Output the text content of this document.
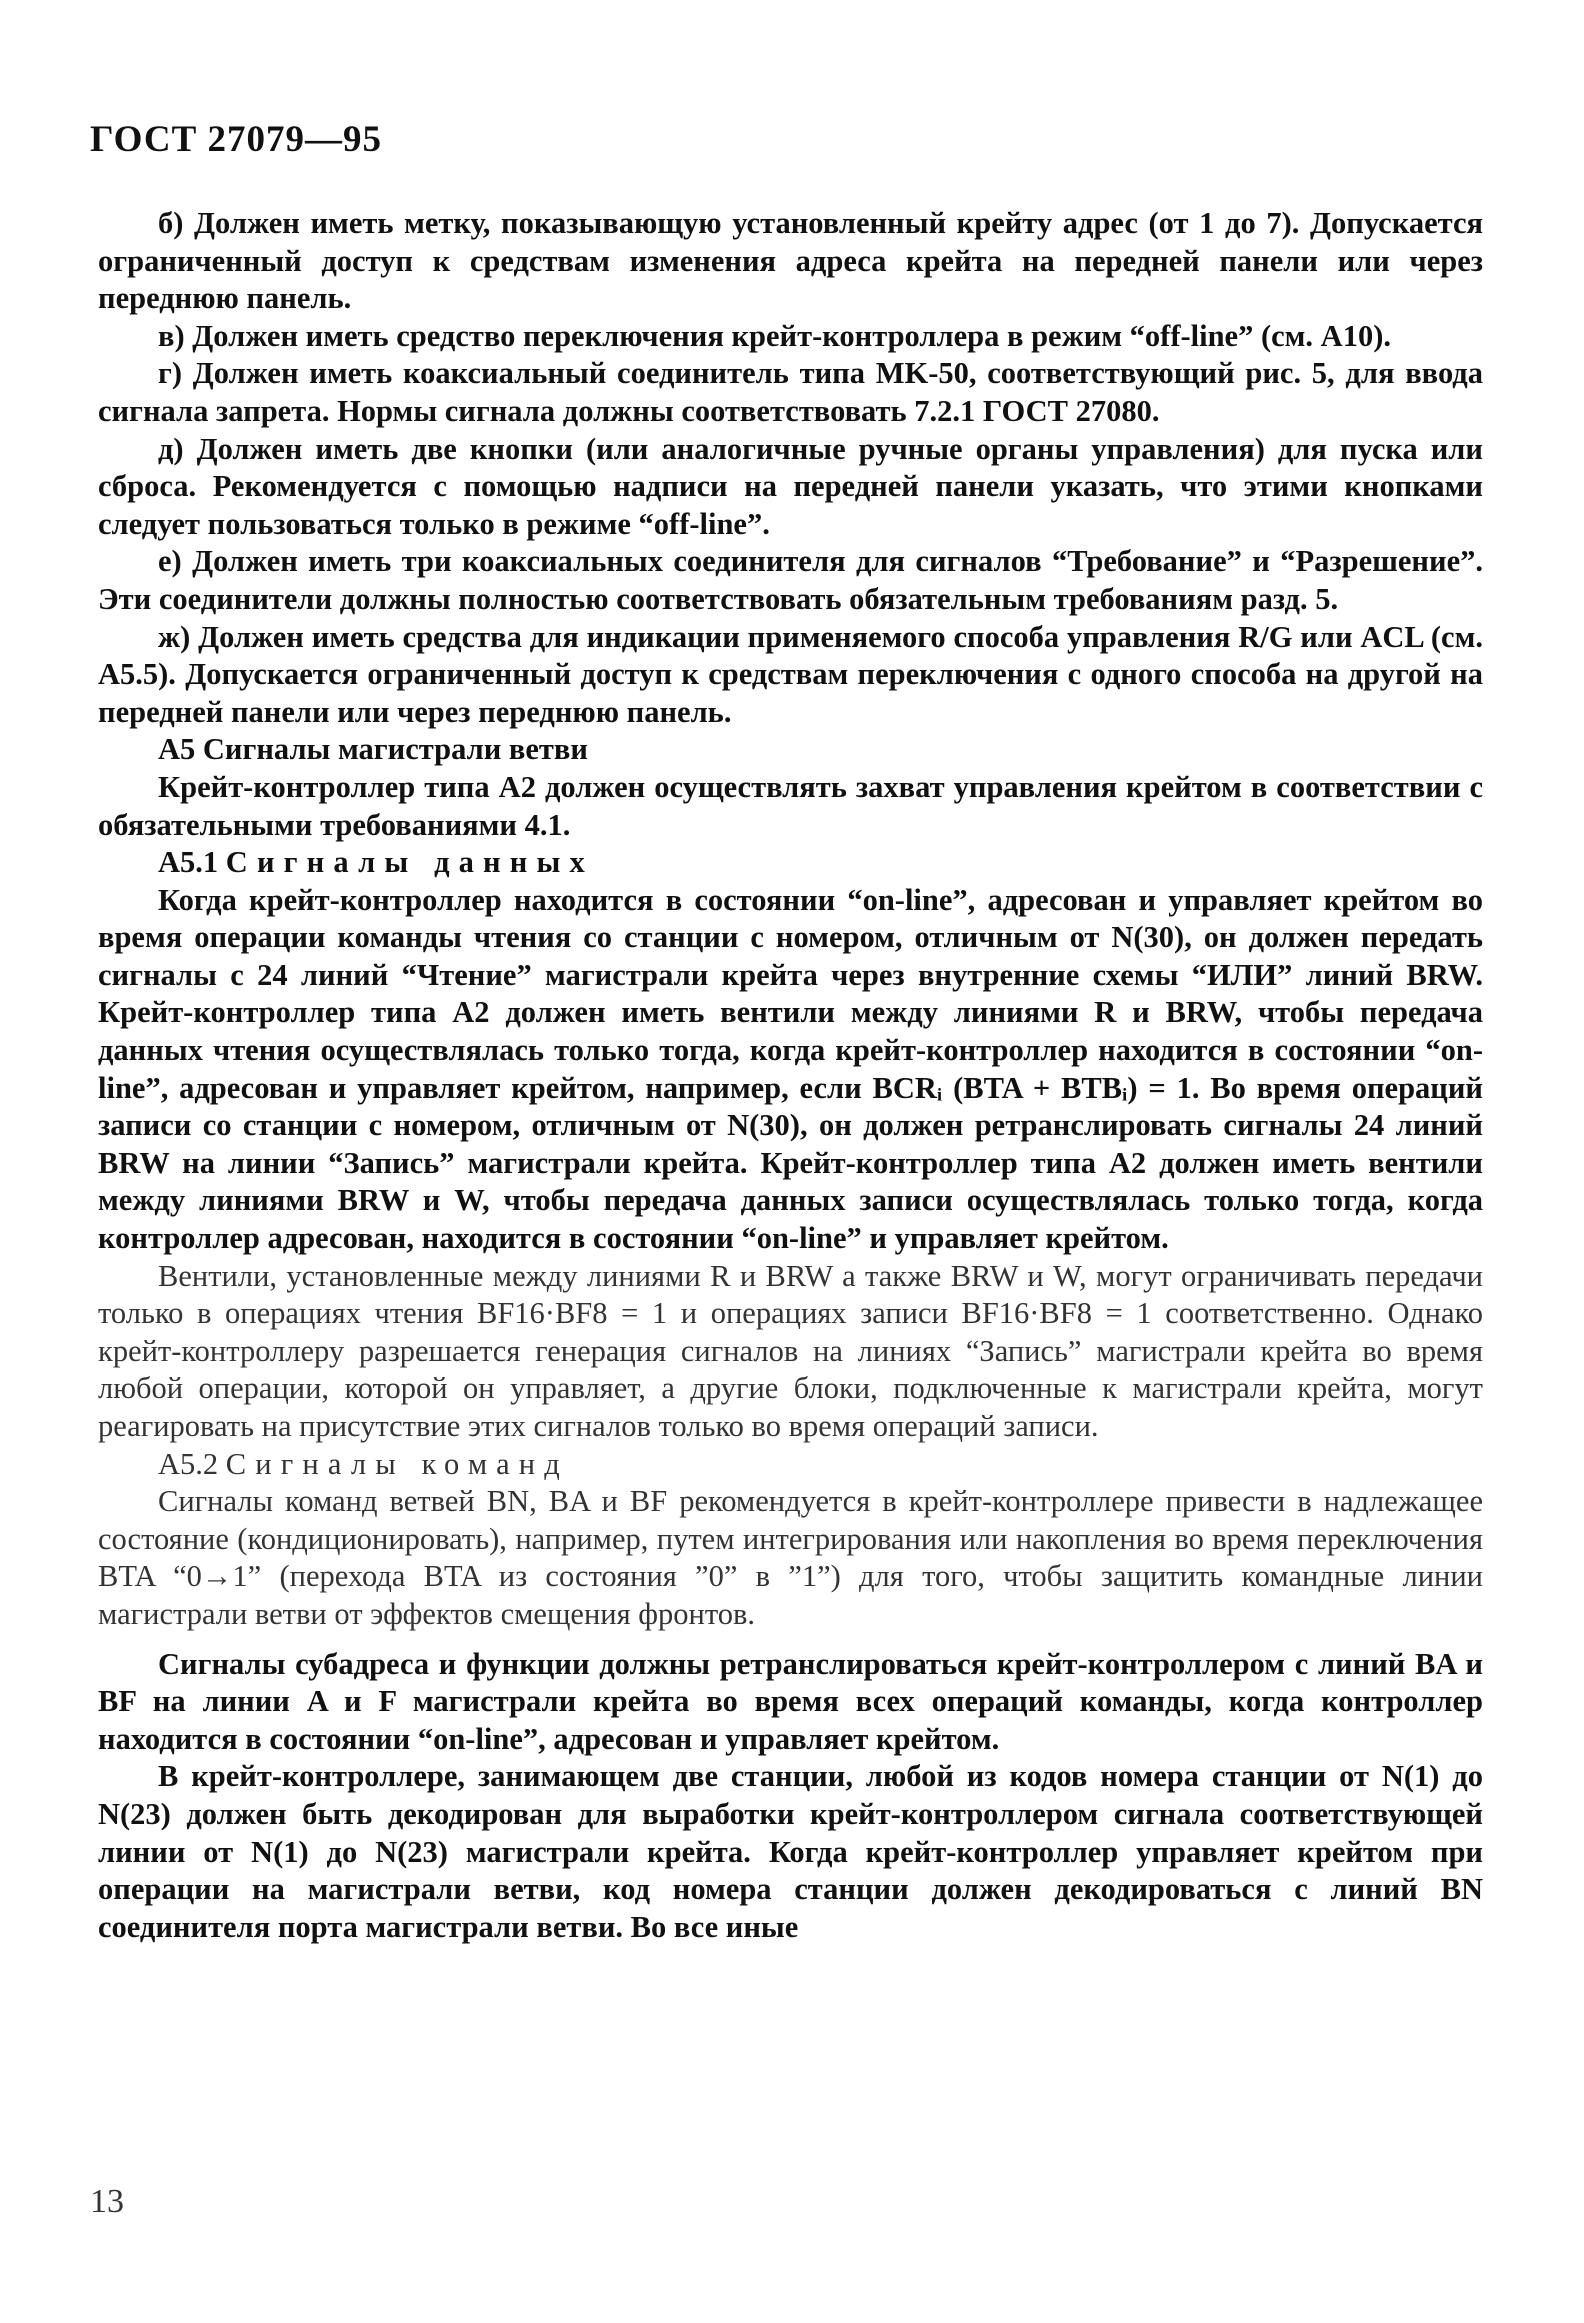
ГОСТ 27079—95

б) Должен иметь метку, показывающую установленный крейту адрес (от 1 до 7). Допускается ограниченный доступ к средствам изменения адреса крейта на передней панели или через переднюю панель.

в) Должен иметь средство переключения крейт-контроллера в режим “off-line” (см. A10).

г) Должен иметь коаксиальный соединитель типа MK-50, соответствующий рис. 5, для ввода сигнала запрета. Нормы сигнала должны соответствовать 7.2.1 ГОСТ 27080.

д) Должен иметь две кнопки (или аналогичные ручные органы управления) для пуска или сброса. Рекомендуется с помощью надписи на передней панели указать, что этими кнопками следует пользоваться только в режиме “off-line”.

е) Должен иметь три коаксиальных соединителя для сигналов “Требование” и “Разрешение”. Эти соединители должны полностью соответствовать обязательным требованиям разд. 5.

ж) Должен иметь средства для индикации применяемого способа управления R/G или ACL (см. A5.5). Допускается ограниченный доступ к средствам переключения с одного способа на другой на передней панели или через переднюю панель.

A5 Сигналы магистрали ветви

Крейт-контроллер типа A2 должен осуществлять захват управления крейтом в соответствии с обязательными требованиями 4.1.

A5.1 Сигналы данных

Когда крейт-контроллер находится в состоянии “on-line”, адресован и управляет крейтом во время операции команды чтения со станции с номером, отличным от N(30), он должен передать сигналы с 24 линий “Чтение” магистрали крейта через внутренние схемы “ИЛИ” линий BRW. Крейт-контроллер типа A2 должен иметь вентили между линиями R и BRW, чтобы передача данных чтения осуществлялась только тогда, когда крейт-контроллер находится в состоянии “on-line”, адресован и управляет крейтом, например, если BCRᵢ (BTA + BTBᵢ) = 1. Во время операций записи со станции с номером, отличным от N(30), он должен ретранслировать сигналы 24 линий BRW на линии “Запись” магистрали крейта. Крейт-контроллер типа A2 должен иметь вентили между линиями BRW и W, чтобы передача данных записи осуществлялась только тогда, когда контроллер адресован, находится в состоянии “on-line” и управляет крейтом.

Вентили, установленные между линиями R и BRW а также BRW и W, могут ограничивать передачи только в операциях чтения BF16·BF8 = 1 и операциях записи BF16·BF8 = 1 соответственно. Однако крейт-контроллеру разрешается генерация сигналов на линиях “Запись” магистрали крейта во время любой операции, которой он управляет, а другие блоки, подключенные к магистрали крейта, могут реагировать на присутствие этих сигналов только во время операций записи.

A5.2 Сигналы команд

Сигналы команд ветвей BN, BA и BF рекомендуется в крейт-контроллере привести в надлежащее состояние (кондиционировать), например, путем интегрирования или накопления во время переключения BTA “0→1” (перехода BTA из состояния ”0” в ”1”) для того, чтобы защитить командные линии магистрали ветви от эффектов смещения фронтов.

Сигналы субадреса и функции должны ретранслироваться крейт-контроллером с линий BA и BF на линии A и F магистрали крейта во время всех операций команды, когда контроллер находится в состоянии “on-line”, адресован и управляет крейтом.

В крейт-контроллере, занимающем две станции, любой из кодов номера станции от N(1) до N(23) должен быть декодирован для выработки крейт-контроллером сигнала соответствующей линии от N(1) до N(23) магистрали крейта. Когда крейт-контроллер управляет крейтом при операции на магистрали ветви, код номера станции должен декодироваться с линий BN соединителя порта магистрали ветви. Во все иные

13
